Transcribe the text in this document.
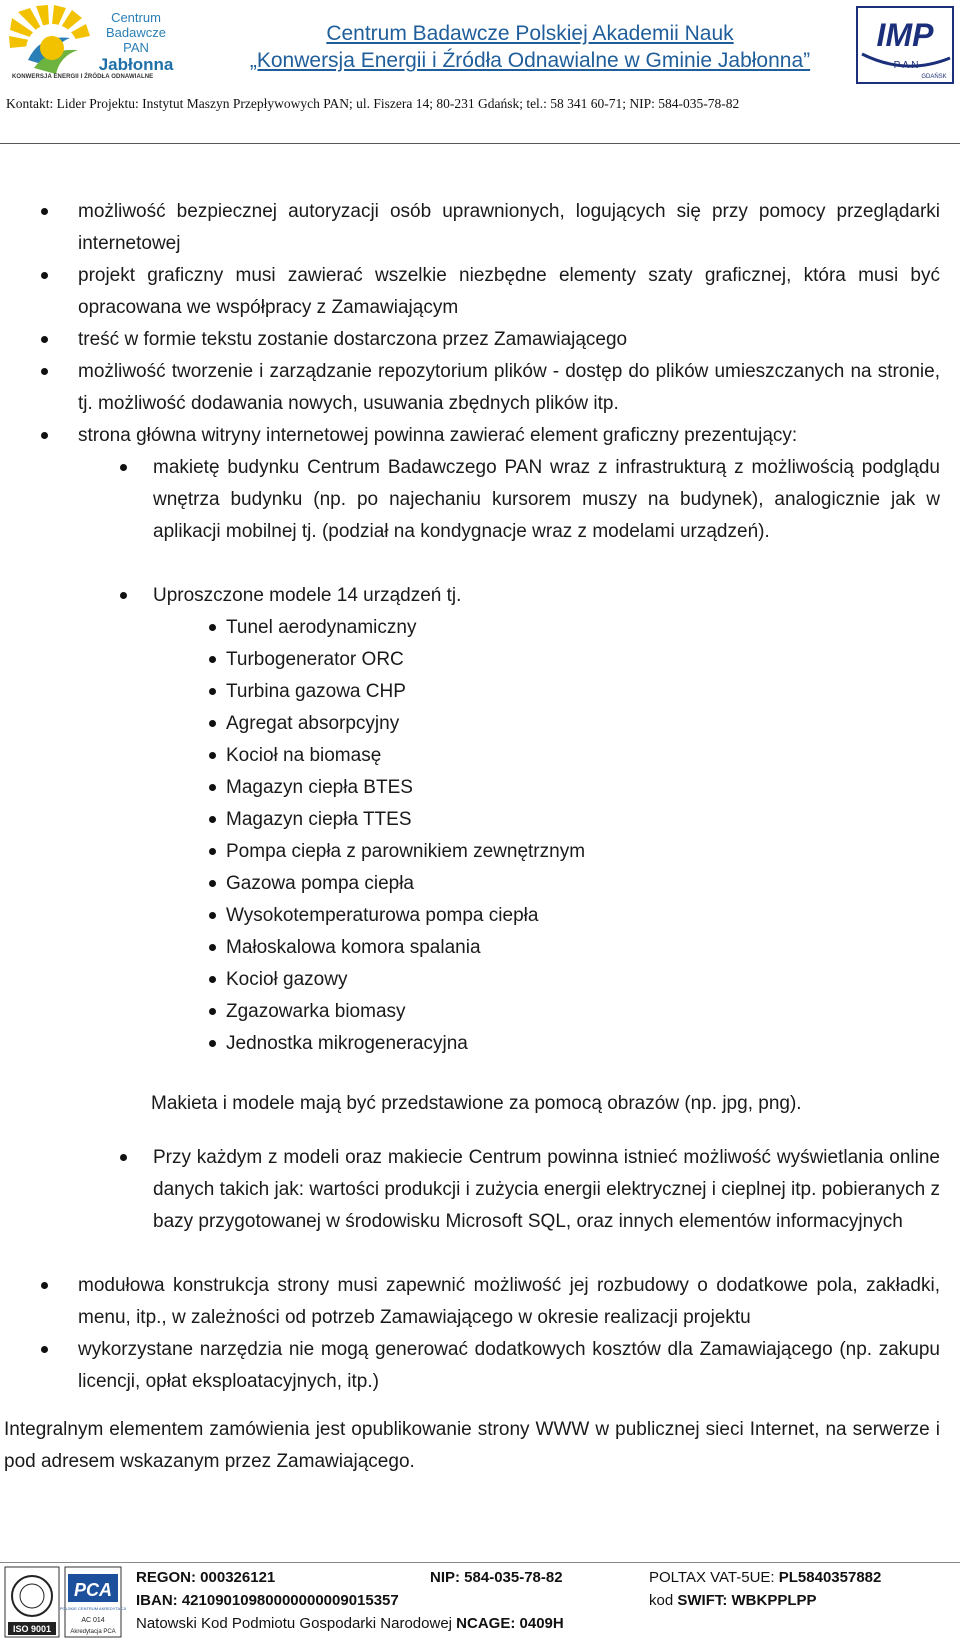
Centrum
Badawcze
PAN
Jabłonna
KONWERSJA ENERGII I ŹRÓDŁA ODNAWIALNE
Centrum Badawcze Polskiej Akademii Nauk
„Konwersja Energii i Źródła Odnawialne w Gminie Jabłonna”
IMP
P A N
GDAŃSK
Kontakt: Lider Projektu: Instytut Maszyn Przepływowych PAN; ul. Fiszera 14; 80-231 Gdańsk; tel.: 58 341 60-71; NIP: 584-035-78-82
możliwość bezpiecznej autoryzacji osób uprawnionych, logujących się przy pomocy przeglądarki internetowej
projekt graficzny musi zawierać wszelkie niezbędne elementy szaty graficznej, która musi być opracowana we współpracy z Zamawiającym
treść w formie tekstu zostanie dostarczona przez Zamawiającego
możliwość tworzenie i zarządzanie repozytorium plików - dostęp do plików umieszczanych na stronie, tj. możliwość dodawania nowych, usuwania zbędnych plików itp.
strona główna witryny internetowej powinna zawierać element graficzny prezentujący:
makietę budynku Centrum Badawczego PAN wraz z infrastrukturą z możliwością podglądu wnętrza budynku (np. po najechaniu kursorem muszy na budynek), analogicznie jak w aplikacji mobilnej tj. (podział na kondygnacje wraz z modelami urządzeń).
Uproszczone modele 14 urządzeń tj.
Tunel aerodynamiczny
Turbogenerator ORC
Turbina gazowa CHP
Agregat absorpcyjny
Kocioł na biomasę
Magazyn ciepła BTES
Magazyn ciepła TTES
Pompa ciepła z parownikiem zewnętrznym
Gazowa pompa ciepła
Wysokotemperaturowa pompa ciepła
Małoskalowa komora spalania
Kocioł gazowy
Zgazowarka biomasy
Jednostka mikrogeneracyjna
Makieta i modele mają być przedstawione za pomocą obrazów (np. jpg, png).
Przy każdym z modeli oraz makiecie Centrum powinna istnieć możliwość wyświetlania online danych takich jak: wartości produkcji i zużycia energii elektrycznej i cieplnej itp. pobieranych z bazy przygotowanej w środowisku Microsoft SQL, oraz innych elementów informacyjnych
modułowa konstrukcja strony musi zapewnić możliwość jej rozbudowy o dodatkowe pola, zakładki, menu, itp., w zależności od potrzeb Zamawiającego w okresie realizacji projektu
wykorzystane narzędzia nie mogą generować dodatkowych kosztów dla Zamawiającego (np. zakupu licencji, opłat eksploatacyjnych, itp.)
Integralnym elementem zamówienia jest opublikowanie strony WWW w publicznej sieci Internet, na serwerze i pod adresem wskazanym przez Zamawiającego.
ISO 9001
PCA
POLSKIE CENTRUM AKREDYTACJI
AC 014
Akredytacja PCA
REGON: 000326121	NIP: 584-035-78-82	POLTAX VAT-5UE: PL5840357882
IBAN: 42109010980000000009015357	kod SWIFT: WBKPPLPP
Natowski Kod Podmiotu Gospodarki Narodowej NCAGE: 0409H
